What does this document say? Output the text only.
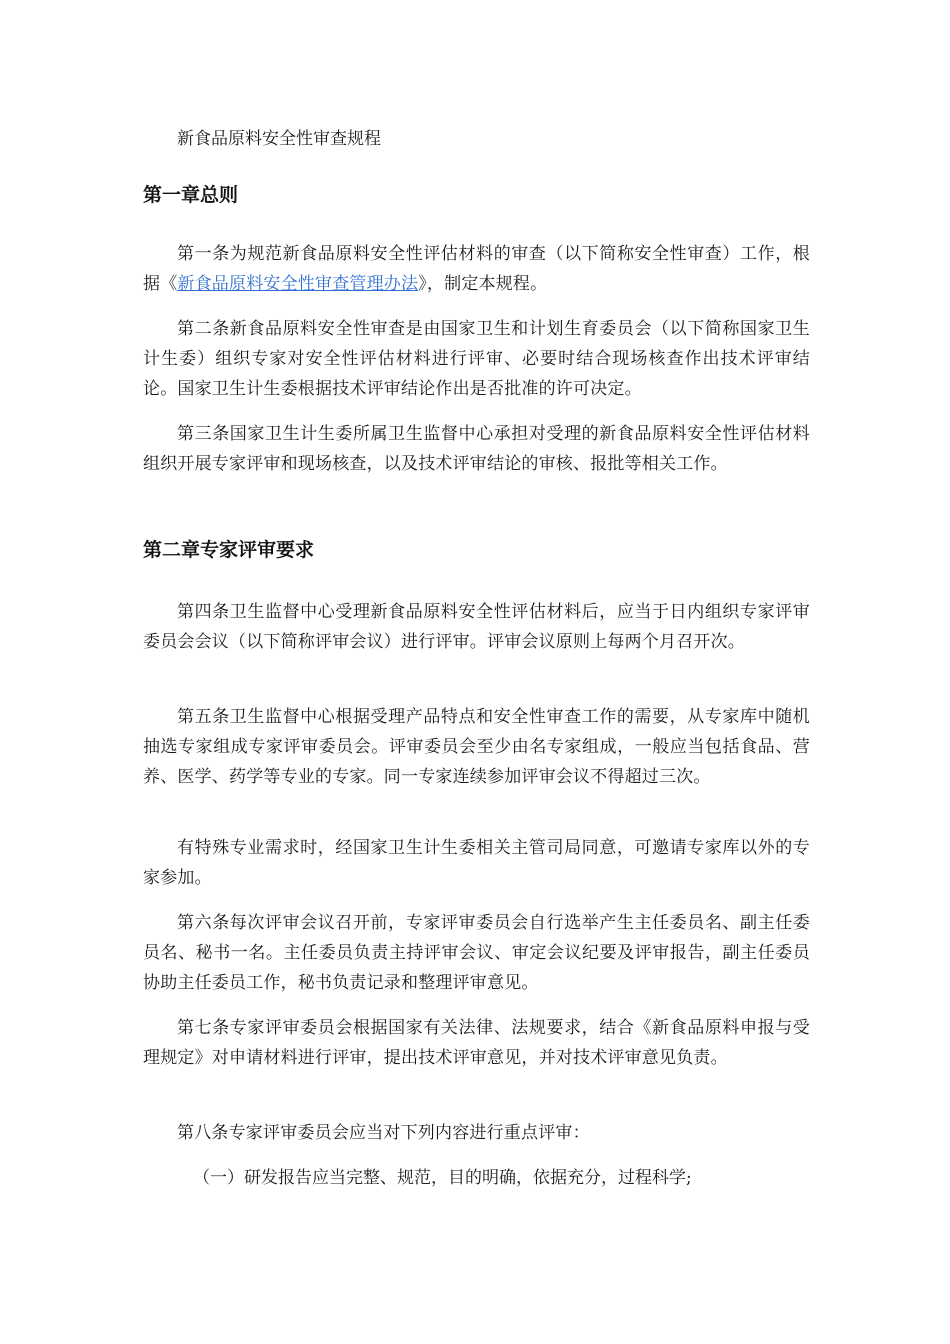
新食品原料安全性审查规程
第一章总则
第一条为规范新食品原料安全性评估材料的审查（以下简称安全性审查）工作，根据《新食品原料安全性审查管理办法》，制定本规程。
第二条新食品原料安全性审查是由国家卫生和计划生育委员会（以下简称国家卫生计生委）组织专家对安全性评估材料进行评审、必要时结合现场核查作出技术评审结论。国家卫生计生委根据技术评审结论作出是否批准的许可决定。
第三条国家卫生计生委所属卫生监督中心承担对受理的新食品原料安全性评估材料组织开展专家评审和现场核查，以及技术评审结论的审核、报批等相关工作。
第二章专家评审要求
第四条卫生监督中心受理新食品原料安全性评估材料后，应当于日内组织专家评审委员会会议（以下简称评审会议）进行评审。评审会议原则上每两个月召开次。
第五条卫生监督中心根据受理产品特点和安全性审查工作的需要，从专家库中随机抽选专家组成专家评审委员会。评审委员会至少由名专家组成，一般应当包括食品、营养、医学、药学等专业的专家。同一专家连续参加评审会议不得超过三次。
有特殊专业需求时，经国家卫生计生委相关主管司局同意，可邀请专家库以外的专家参加。
第六条每次评审会议召开前，专家评审委员会自行选举产生主任委员名、副主任委员名、秘书一名。主任委员负责主持评审会议、审定会议纪要及评审报告，副主任委员协助主任委员工作，秘书负责记录和整理评审意见。
第七条专家评审委员会根据国家有关法律、法规要求，结合《新食品原料申报与受理规定》对申请材料进行评审，提出技术评审意见，并对技术评审意见负责。
第八条专家评审委员会应当对下列内容进行重点评审：
（一）研发报告应当完整、规范，目的明确，依据充分，过程科学;
